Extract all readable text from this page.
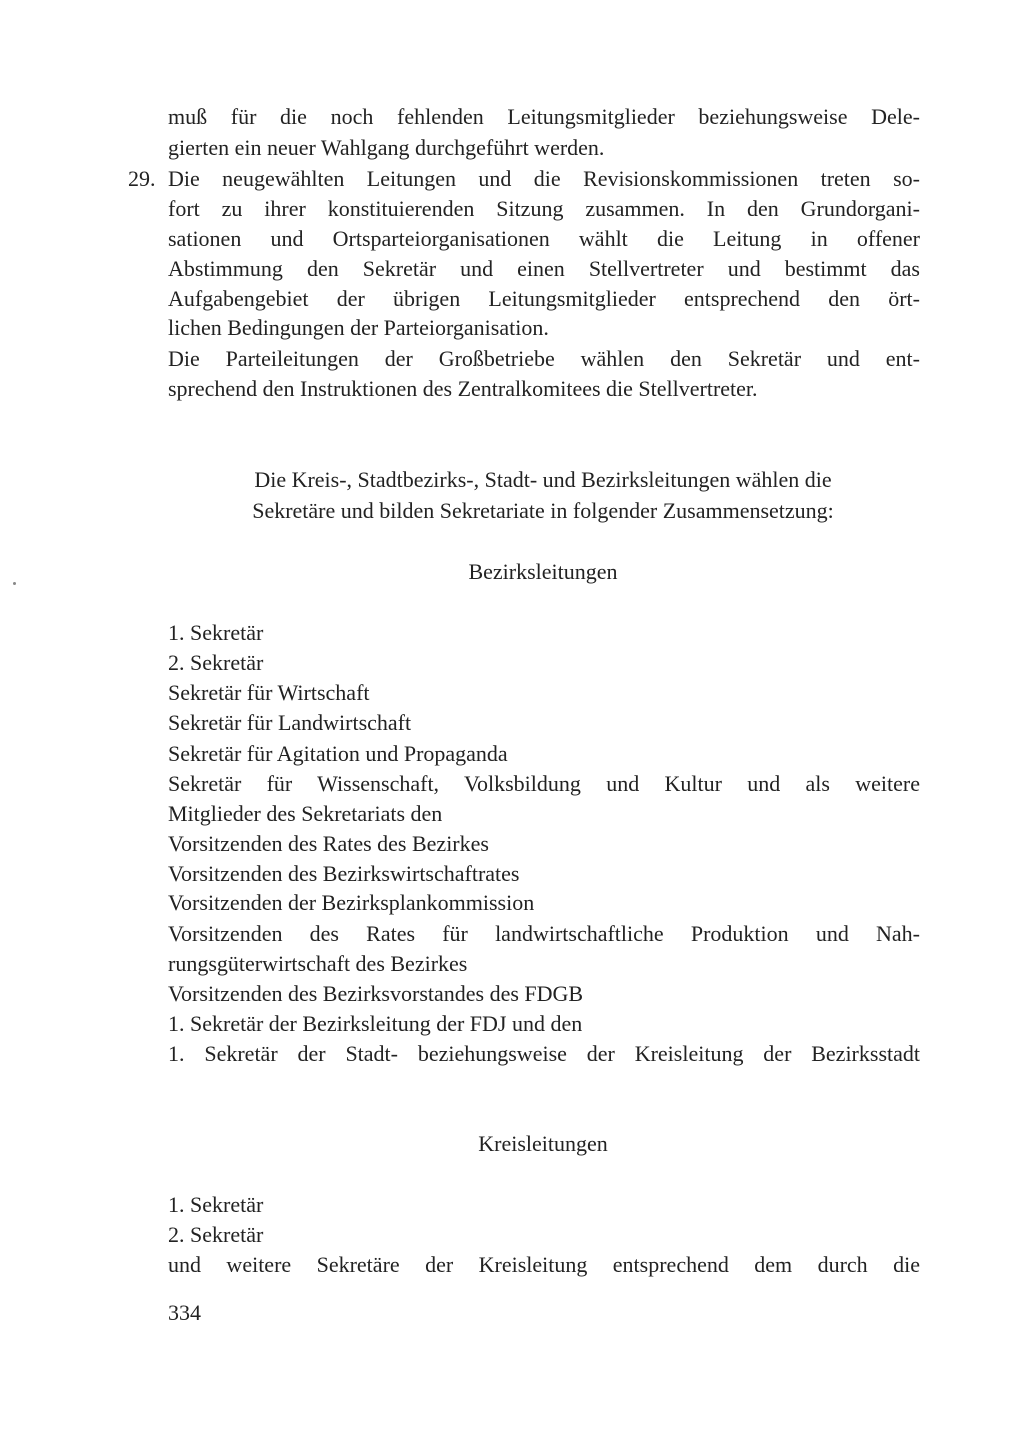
muß für die noch fehlenden Leitungsmitglieder beziehungsweise Dele-
gierten ein neuer Wahlgang durchgeführt werden.
29. Die neugewählten Leitungen und die Revisionskommissionen treten so-
fort zu ihrer konstituierenden Sitzung zusammen. In den Grundorgani-
sationen und Ortsparteiorganisationen wählt die Leitung in offener
Abstimmung den Sekretär und einen Stellvertreter und bestimmt das
Aufgabengebiet der übrigen Leitungsmitglieder entsprechend den ört-
lichen Bedingungen der Parteiorganisation.
Die Parteileitungen der Großbetriebe wählen den Sekretär und ent-
sprechend den Instruktionen des Zentralkomitees die Stellvertreter.
Die Kreis-, Stadtbezirks-, Stadt- und Bezirksleitungen wählen die
Sekretäre und bilden Sekretariate in folgender Zusammensetzung:
Bezirksleitungen
1. Sekretär
2. Sekretär
Sekretär für Wirtschaft
Sekretär für Landwirtschaft
Sekretär für Agitation und Propaganda
Sekretär für Wissenschaft, Volksbildung und Kultur und als weitere
Mitglieder des Sekretariats den
Vorsitzenden des Rates des Bezirkes
Vorsitzenden des Bezirkswirtschaftrates
Vorsitzenden der Bezirksplankommission
Vorsitzenden des Rates für landwirtschaftliche Produktion und Nah-
rungsgüterwirtschaft des Bezirkes
Vorsitzenden des Bezirksvorstandes des FDGB
1. Sekretär der Bezirksleitung der FDJ und den
1. Sekretär der Stadt- beziehungsweise der Kreisleitung der Bezirksstadt
Kreisleitungen
1. Sekretär
2. Sekretär
und weitere Sekretäre der Kreisleitung entsprechend dem durch die
334
